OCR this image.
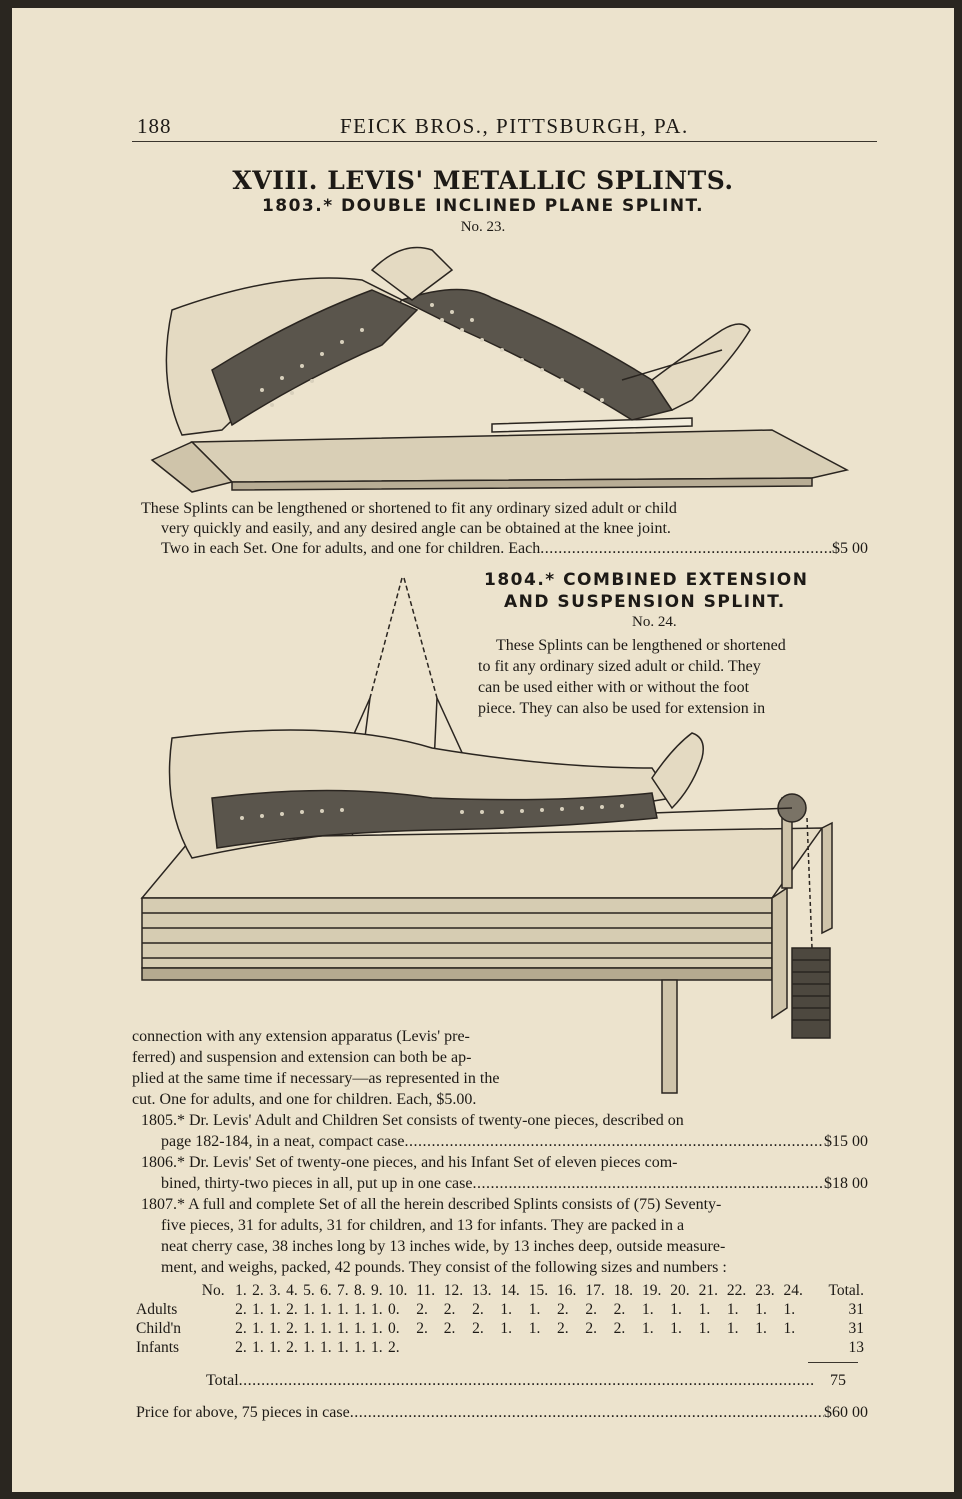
188	FEICK BROS., PITTSBURGH, PA.
XVIII. LEVIS' METALLIC SPLINTS.
1803.* DOUBLE INCLINED PLANE SPLINT.
No. 23.
These Splints can be lengthened or shortened to fit any ordinary sized adult or child
very quickly and easily, and any desired angle can be obtained at the knee joint.
Two in each Set. One for adults, and one for children. Each .....	$5 00
1804.* COMBINED EXTENSION
AND SUSPENSION SPLINT.
No. 24.
These Splints can be lengthened or shortened
to fit any ordinary sized adult or child. They
can be used either with or without the foot
piece. They can also be used for extension in
connection with any extension apparatus (Levis' pre-
ferred) and suspension and extension can both be ap-
plied at the same time if necessary—as represented in the
cut. One for adults, and one for children. Each, $5.00.
1805.* Dr. Levis' Adult and Children Set consists of twenty-one pieces, described on
page 182-184, in a neat, compact case .....	$15 00
1806.* Dr. Levis' Set of twenty-one pieces, and his Infant Set of eleven pieces com-
bined, thirty-two pieces in all, put up in one case .....	$18 00
1807.* A full and complete Set of all the herein described Splints consists of (75) Seventy-
five pieces, 31 for adults, 31 for children, and 13 for infants. They are packed in a
neat cherry case, 38 inches long by 13 inches wide, by 13 inches deep, outside measure-
ment, and weighs, packed, 42 pounds. They consist of the following sizes and numbers :
	No.	1.	2.	3.	4.	5.	6.	7.	8.	9.	10.	11.	12.	13.	14.	15.	16.	17.	18.	19.	20.	21.	22.	23.	24.	Total.
Adults		2.	1.	1.	2.	1.	1.	1.	1.	1.	0.	2.	2.	2.	1.	1.	2.	2.	2.	1.	1.	1.	1.	1.	1.	31
Child'n		2.	1.	1.	2.	1.	1.	1.	1.	1.	0.	2.	2.	2.	1.	1.	2.	2.	2.	1.	1.	1.	1.	1.	1.	31
Infants		2.	1.	1.	2.	1.	1.	1.	1.	1.	2.															13
Total .....	75
Price for above, 75 pieces in case .....	$60 00
